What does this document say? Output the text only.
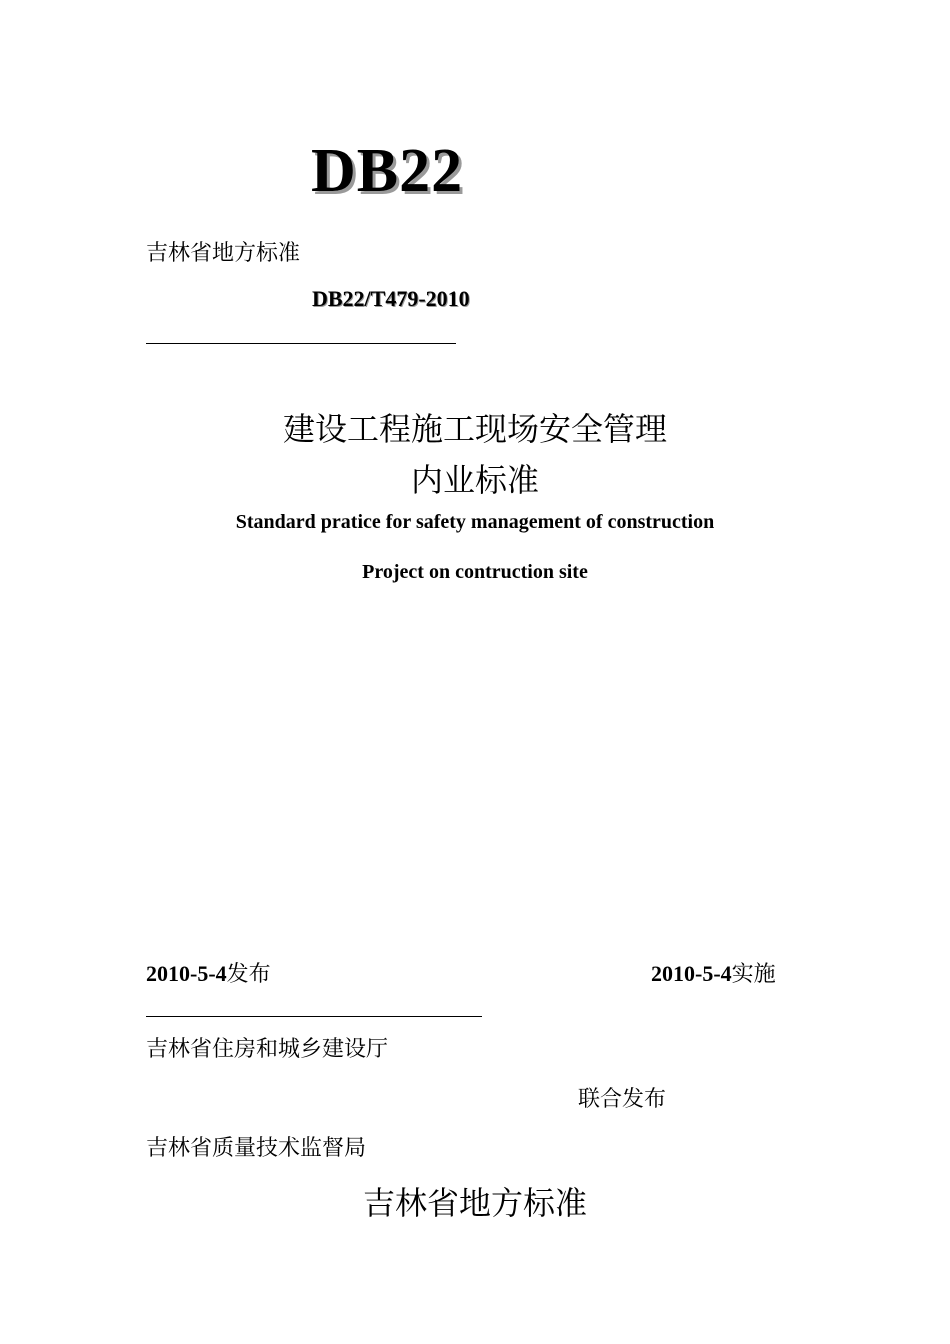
DB22
吉林省地方标准
DB22/T479-2010
建设工程施工现场安全管理
内业标准
Standard pratice for safety management of construction
Project on contruction site
2010-5-4发布	2010-5-4实施
吉林省住房和城乡建设厅
联合发布
吉林省质量技术监督局
吉林省地方标准
